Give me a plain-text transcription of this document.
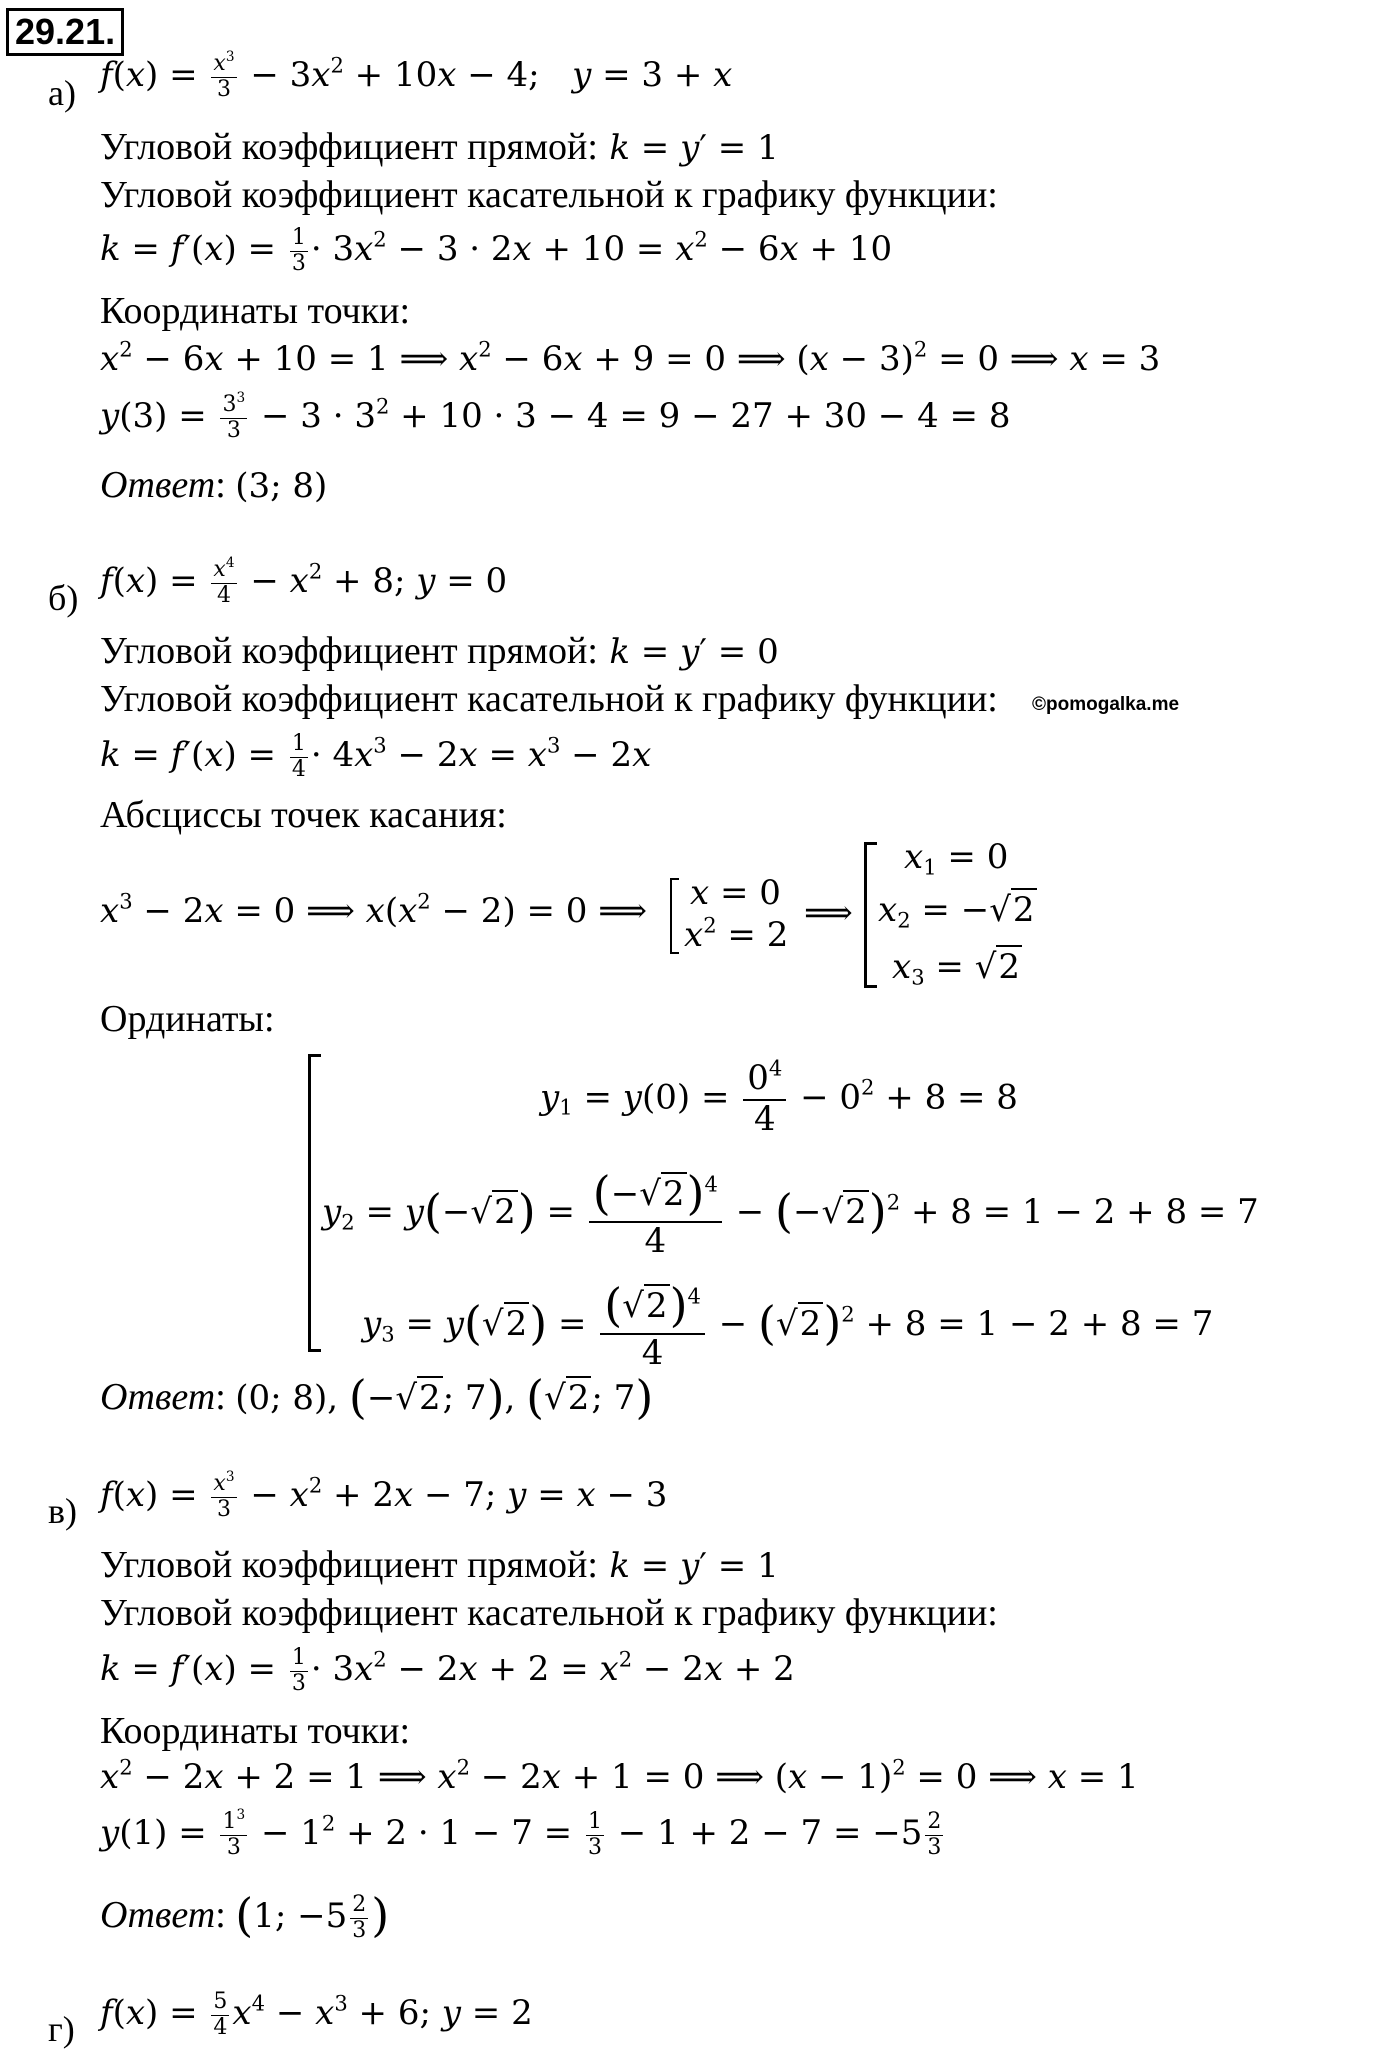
29.21.
а) $f(x) = \frac{x^3}{3} - 3x^2 + 10x - 4$;   y = 3 + x
Угловой коэффициент прямой: k = y′ = 1
Угловой коэффициент касательной к графику функции:
$k = f'(x) = \frac{1}{3} \cdot 3x^2 - 3 \cdot 2x + 10 = x^2 - 6x + 10$
Координаты точки:
$x^2 - 6x + 10 = 1$ ⟹ $x^2 - 6x + 9 = 0$ ⟹ $(x - 3)^2 = 0$ ⟹ x = 3
$y(3) = \frac{3^3}{3} - 3 \cdot 3^2 + 10 \cdot 3 - 4 = 9 - 27 + 30 - 4 = 8$
Ответ: (3; 8)
б) $f(x) = \frac{x^4}{4} - x^2 + 8$; y = 0
Угловой коэффициент прямой: k = y′ = 0
Угловой коэффициент касательной к графику функции: ©pomogalka.me
$k = f'(x) = \frac{1}{4} \cdot 4x^3 - 2x = x^3 - 2x$
Абсциссы точек касания:
$x^3 - 2x = 0$ ⟹ $x(x^2 - 2) = 0$ ⟹ x = 0
$x^2 = 2$
⟹
$x_1 = 0$
$x_2 = -√2$
$x_3 = √2$
Ординаты:
$y_1 = y(0) = \frac{0^4}{4} - 0^2 + 8 = 8$
$y_2 = y(-√2) = \frac{(-√2)^4}{4} - (-√2)^2 + 8 = 1 - 2 + 8 = 7$
$y_3 = y(√2) = \frac{(√2)^4}{4} - (√2)^2 + 8 = 1 - 2 + 8 = 7$
Ответ: (0; 8), (−√2; 7), (√2; 7)
в) $f(x) = \frac{x^3}{3} - x^2 + 2x - 7$; y = x − 3
Угловой коэффициент прямой: k = y′ = 1
Угловой коэффициент касательной к графику функции:
$k = f'(x) = \frac{1}{3} \cdot 3x^2 - 2x + 2 = x^2 - 2x + 2$
Координаты точки:
$x^2 - 2x + 2 = 1$ ⟹ $x^2 - 2x + 1 = 0$ ⟹ $(x - 1)^2 = 0$ ⟹ x = 1
$y(1) = \frac{1^3}{3} - 1^2 + 2 \cdot 1 - 7 = \frac{1}{3} - 1 + 2 - 7 = -5 \frac{2}{3}$
Ответ: (1; $-5 \frac{2}{3}$ )
г) $f(x) = \frac{5}{4} x^4 - x^3 + 6$; y = 2
